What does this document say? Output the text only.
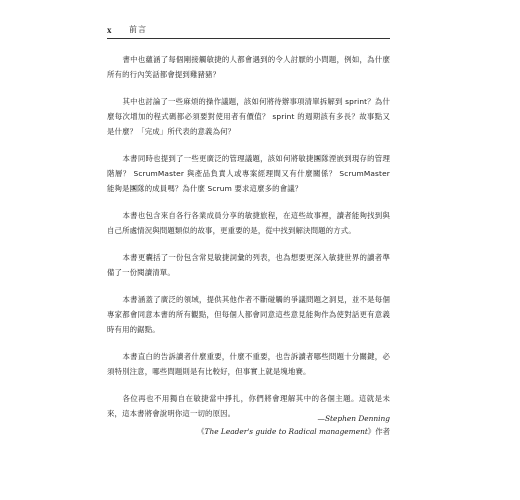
x 前言

書中也蘊涵了每個剛接觸敏捷的人都會遇到的令人討厭的小問題，例如，為什麼所有的行內笑話都會提到雞豬豬？

其中也討論了一些麻煩的操作議題，該如何將待辦事項清單拆解到 sprint？為什麼每次增加的程式碼都必須要對使用者有價值？ sprint 的週期該有多長？故事點又是什麼？「完成」所代表的意義為何？

本書同時也提到了一些更廣泛的管理議題，該如何將敏捷團隊湮嵌到現存的管理階層？ ScrumMaster 與產品負責人或專案經理間又有什麼關係？ ScrumMaster 能夠是團隊的成員嗎？為什麼 Scrum 要求這麼多的會議？

本書也包含來自各行各業成員分享的敏捷旅程，在這些故事裡，讀者能夠找到與自己所處情況與問題類似的故事，更重要的是，從中找到解決問題的方式。

本書更囊括了一份包含常見敏捷詞彙的列表，也為想要更深入敏捷世界的讀者準備了一份閱讀清單。

本書涵蓋了廣泛的領域，提供其他作者不斷碰觸的爭議問題之洞見，並不是每個專家都會同意本書的所有觀點，但每個人都會同意這些意見能夠作為使對話更有意義時有用的鋸點。

本書直白的告訴讀者什麼重要，什麼不重要，也告訴讀者哪些問題十分關鍵，必須特別注意，哪些問題則是有比較好，但事實上就是塊地賽。

各位再也不用獨自在敏捷當中掙扎，你們將會理解其中的各個主題。這就是未來，這本書將會說明你這一切的原因。

—Stephen Denning
《The Leader's guide to Radical management》作者
